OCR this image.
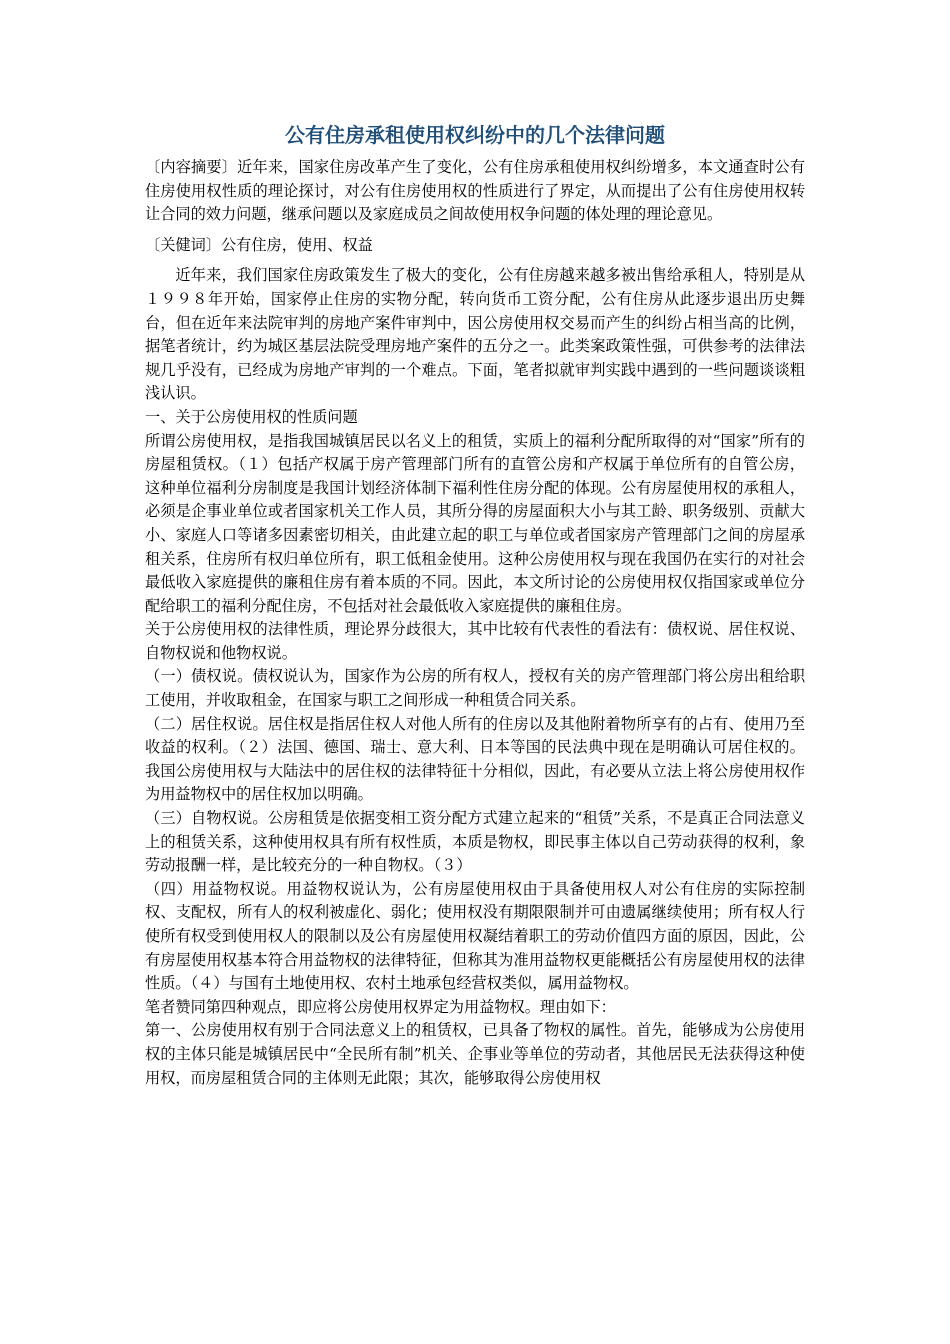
公有住房承租使用权纠纷中的几个法律问题

〔内容摘要〕近年来，国家住房改革产生了变化，公有住房承租使用权纠纷增多，本文通查时公有住房使用权性质的理论探讨，对公有住房使用权的性质进行了界定，从而提出了公有住房使用权转让合同的效力问题，继承问题以及家庭成员之间故使用权争问题的体处理的理论意见。

〔关健词〕公有住房，使用、权益

近年来，我们国家住房政策发生了极大的变化，公有住房越来越多被出售给承租人，特别是从１９９８年开始，国家停止住房的实物分配，转向货币工资分配，公有住房从此逐步退出历史舞台，但在近年来法院审判的房地产案件审判中，因公房使用权交易而产生的纠纷占相当高的比例，据笔者统计，约为城区基层法院受理房地产案件的五分之一。此类案政策性强，可供参考的法律法规几乎没有，已经成为房地产审判的一个难点。下面，笔者拟就审判实践中遇到的一些问题谈谈粗浅认识。

一、关于公房使用权的性质问题

所谓公房使用权，是指我国城镇居民以名义上的租赁，实质上的福利分配所取得的对“国家”所有的房屋租赁权。（１）包括产权属于房产管理部门所有的直管公房和产权属于单位所有的自管公房，这种单位福利分房制度是我国计划经济体制下福利性住房分配的体现。公有房屋使用权的承租人，必须是企事业单位或者国家机关工作人员，其所分得的房屋面积大小与其工龄、职务级别、贡献大小、家庭人口等诸多因素密切相关，由此建立起的职工与单位或者国家房产管理部门之间的房屋承租关系，住房所有权归单位所有，职工低租金使用。这种公房使用权与现在我国仍在实行的对社会最低收入家庭提供的廉租住房有着本质的不同。因此，本文所讨论的公房使用权仅指国家或单位分配给职工的福利分配住房，不包括对社会最低收入家庭提供的廉租住房。

关于公房使用权的法律性质，理论界分歧很大，其中比较有代表性的看法有：债权说、居住权说、自物权说和他物权说。

（一）债权说。债权说认为，国家作为公房的所有权人，授权有关的房产管理部门将公房出租给职工使用，并收取租金，在国家与职工之间形成一种租赁合同关系。

（二）居住权说。居住权是指居住权人对他人所有的住房以及其他附着物所享有的占有、使用乃至收益的权利。（２）法国、德国、瑞士、意大利、日本等国的民法典中现在是明确认可居住权的。我国公房使用权与大陆法中的居住权的法律特征十分相似，因此，有必要从立法上将公房使用权作为用益物权中的居住权加以明确。

（三）自物权说。公房租赁是依据变相工资分配方式建立起来的“租赁”关系，不是真正合同法意义上的租赁关系，这种使用权具有所有权性质，本质是物权，即民事主体以自己劳动获得的权利，象劳动报酬一样，是比较充分的一种自物权。（３）

（四）用益物权说。用益物权说认为，公有房屋使用权由于具备使用权人对公有住房的实际控制权、支配权，所有人的权利被虚化、弱化；使用权没有期限限制并可由遗属继续使用；所有权人行使所有权受到使用权人的限制以及公有房屋使用权凝结着职工的劳动价值四方面的原因，因此，公有房屋使用权基本符合用益物权的法律特征，但称其为准用益物权更能概括公有房屋使用权的法律性质。（４）与国有土地使用权、农村土地承包经营权类似，属用益物权。

笔者赞同第四种观点，即应将公房使用权界定为用益物权。理由如下：

第一、公房使用权有别于合同法意义上的租赁权，已具备了物权的属性。首先，能够成为公房使用权的主体只能是城镇居民中“全民所有制”机关、企事业等单位的劳动者，其他居民无法获得这种使用权，而房屋租赁合同的主体则无此限；其次，能够取得公房使用权
